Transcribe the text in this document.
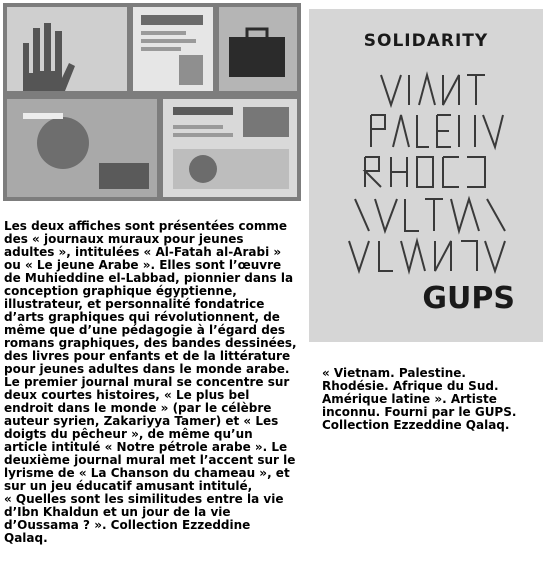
SOLIDARITY
GUPS
Les deux affiches sont présentées comme
des « journaux muraux pour jeunes
adultes », intitulées « Al-Fatah al-Arabi »
ou « Le jeune Arabe ». Elles sont l’œuvre
de Muhieddine el-Labbad, pionnier dans la
conception graphique égyptienne,
illustrateur, et personnalité fondatrice
d’arts graphiques qui révolutionnent, de
même que d’une pédagogie à l’égard des
romans graphiques, des bandes dessinées,
des livres pour enfants et de la littérature
pour jeunes adultes dans le monde arabe.
Le premier journal mural se concentre sur
deux courtes histoires, « Le plus bel
endroit dans le monde » (par le célèbre
auteur syrien, Zakariyya Tamer) et « Les
doigts du pêcheur », de même qu’un
article intitulé « Notre pétrole arabe ». Le
deuxième journal mural met l’accent sur le
lyrisme de « La Chanson du chameau », et
sur un jeu éducatif amusant intitulé,
« Quelles sont les similitudes entre la vie
d’Ibn Khaldun et un jour de la vie
d’Oussama ? ». Collection Ezzeddine
Qalaq.
« Vietnam. Palestine.
Rhodésie. Afrique du Sud.
Amérique latine ». Artiste
inconnu. Fourni par le GUPS.
Collection Ezzeddine Qalaq.
